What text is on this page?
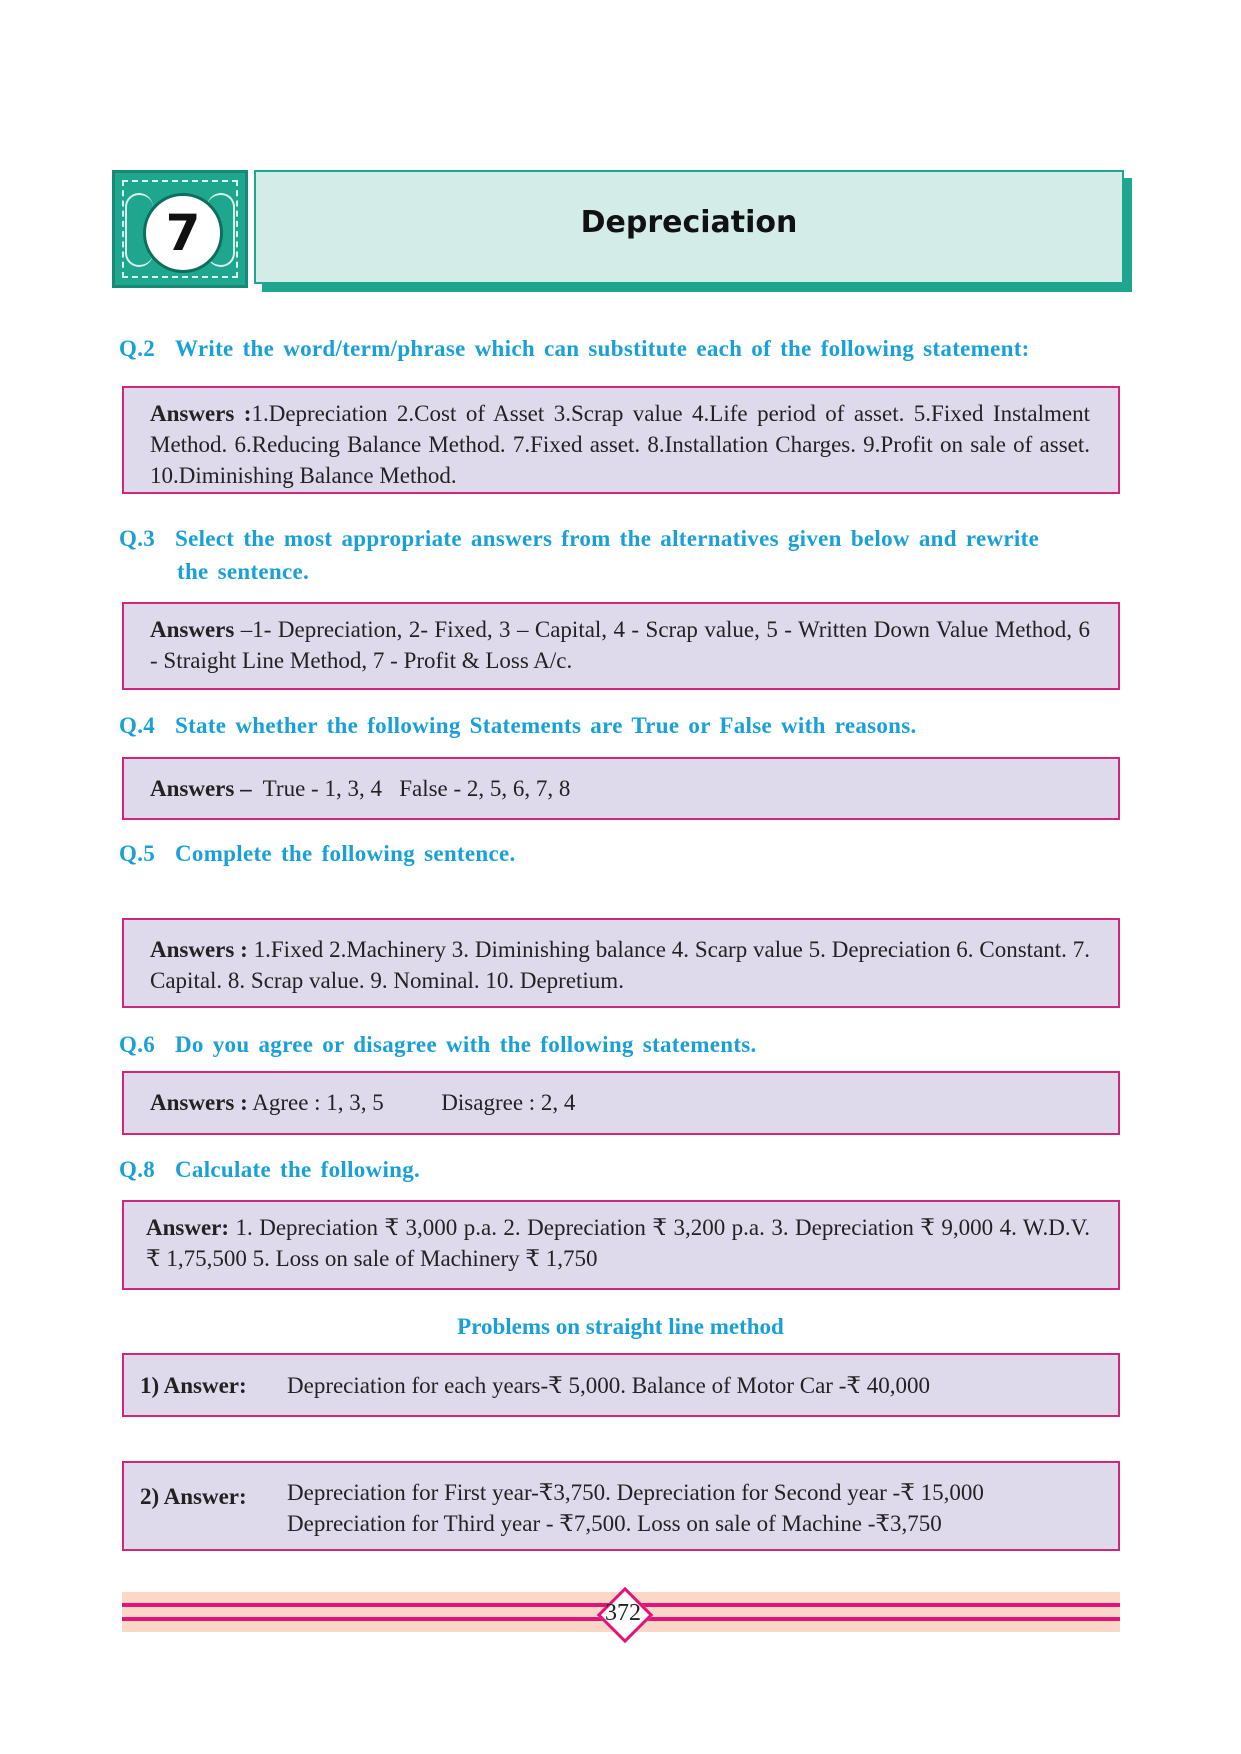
7	Depreciation
Q.2 Write the word/term/phrase which can substitute each of the following statement:
Answers :1.Depreciation 2.Cost of Asset 3.Scrap value 4.Life period of asset. 5.Fixed Instalment Method. 6.Reducing Balance Method. 7.Fixed asset. 8.Installation Charges. 9.Profit on sale of asset. 10.Diminishing Balance Method.
Q.3 Select the most appropriate answers from the alternatives given below and rewrite
the sentence.
Answers –1- Depreciation, 2- Fixed, 3 – Capital, 4 - Scrap value, 5 - Written Down Value Method, 6 - Straight Line Method, 7 - Profit & Loss A/c.
Q.4 State whether the following Statements are True or False with reasons.
Answers –  True - 1, 3, 4   False - 2, 5, 6, 7, 8
Q.5 Complete the following sentence.
Answers : 1.Fixed 2.Machinery 3. Diminishing balance 4. Scarp value 5. Depreciation 6. Constant. 7. Capital. 8. Scrap value. 9. Nominal. 10. Depretium.
Q.6 Do you agree or disagree with the following statements.
Answers : Agree : 1, 3, 5          Disagree : 2, 4
Q.8 Calculate the following.
Answer: 1. Depreciation ₹ 3,000 p.a. 2. Depreciation ₹ 3,200 p.a. 3. Depreciation ₹ 9,000 4. W.D.V. ₹ 1,75,500 5. Loss on sale of Machinery ₹ 1,750
Problems on straight line method
1) Answer: Depreciation for each years-₹ 5,000. Balance of Motor Car -₹ 40,000
2) Answer: Depreciation for First year-₹3,750. Depreciation for Second year -₹ 15,000
Depreciation for Third year - ₹7,500. Loss on sale of Machine -₹3,750
372
